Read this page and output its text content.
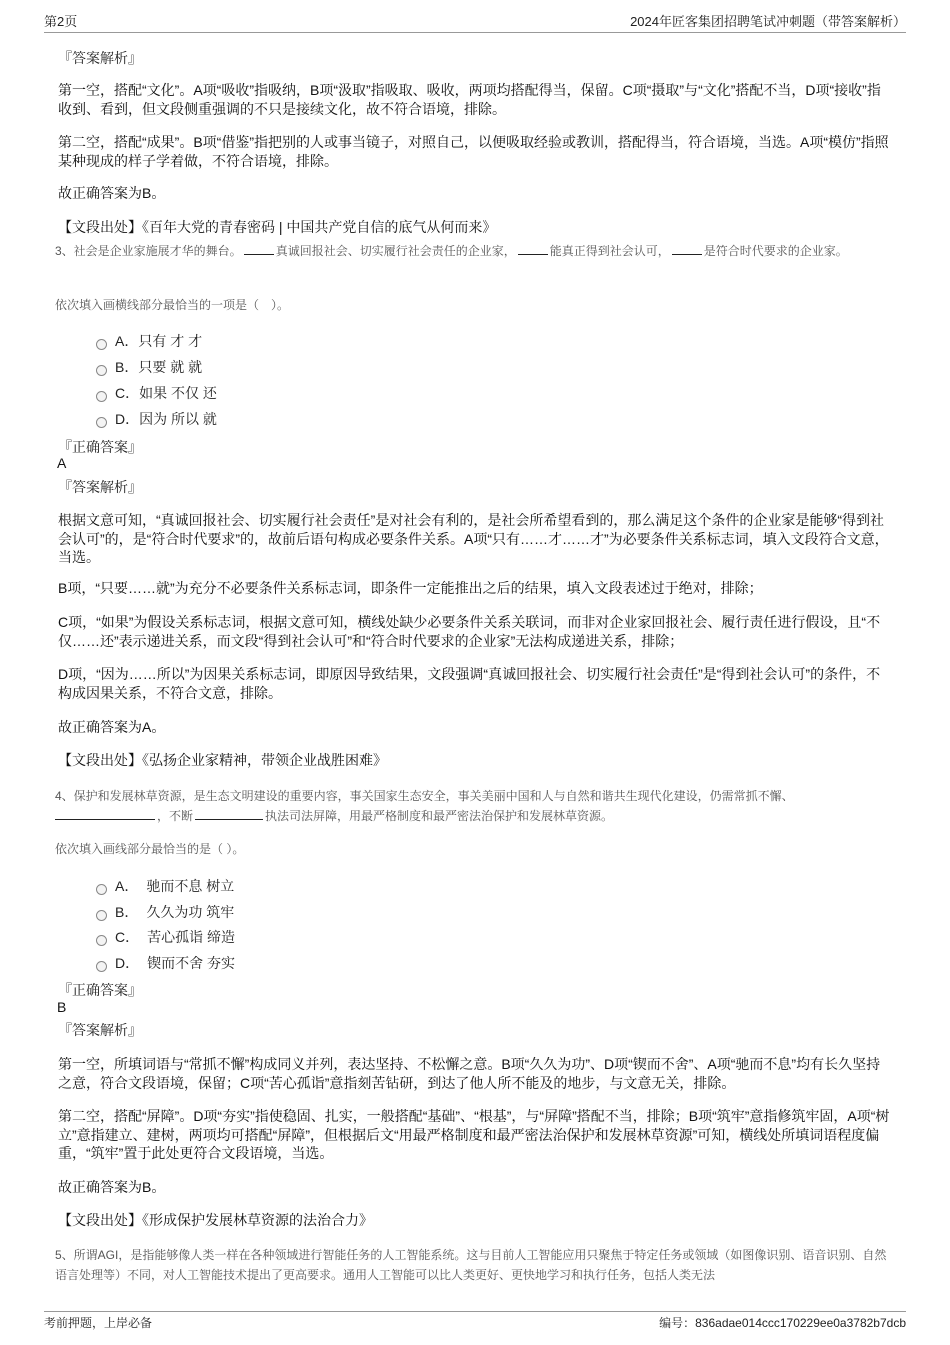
第2页	2024年匠客集团招聘笔试冲刺题（带答案解析）
『答案解析』
第一空，搭配“文化”。A项“吸收”指吸纳，B项“汲取”指吸取、吸收，两项均搭配得当，保留。C项“摄取”与“文化”搭配不当，D项“接收”指收到、看到，但文段侧重强调的不只是接续文化，故不符合语境，排除。
第二空，搭配“成果”。B项“借鉴”指把别的人或事当镜子，对照自己，以便吸取经验或教训，搭配得当，符合语境，当选。A项“模仿”指照某种现成的样子学着做，不符合语境，排除。
故正确答案为B。
【文段出处】《百年大党的青春密码 | 中国共产党自信的底气从何而来》
3、社会是企业家施展才华的舞台。	真诚回报社会、切实履行社会责任的企业家，	能真正得到社会认可，	是符合时代要求的企业家。
依次填入画横线部分最恰当的一项是（　）。
A． 只有 才 才
B． 只要 就 就
C． 如果 不仅 还
D． 因为 所以 就
『正确答案』
A
『答案解析』
根据文意可知，“真诚回报社会、切实履行社会责任”是对社会有利的，是社会所希望看到的，那么满足这个条件的企业家是能够“得到社会认可”的，是“符合时代要求”的，故前后语句构成必要条件关系。A项“只有……才……才”为必要条件关系标志词，填入文段符合文意，当选。
B项，“只要……就”为充分不必要条件关系标志词，即条件一定能推出之后的结果，填入文段表述过于绝对，排除；
C项，“如果”为假设关系标志词，根据文意可知，横线处缺少必要条件关系关联词，而非对企业家回报社会、履行责任进行假设，且“不仅……还”表示递进关系，而文段“得到社会认可”和“符合时代要求的企业家”无法构成递进关系，排除；
D项，“因为……所以”为因果关系标志词，即原因导致结果，文段强调“真诚回报社会、切实履行社会责任”是“得到社会认可”的条件，不构成因果关系，不符合文意，排除。
故正确答案为A。
【文段出处】《弘扬企业家精神，带领企业战胜困难》
4、保护和发展林草资源，是生态文明建设的重要内容，事关国家生态安全，事关美丽中国和人与自然和谐共生现代化建设，仍需常抓不懈、
，不断	执法司法屏障，用最严格制度和最严密法治保护和发展林草资源。
依次填入画线部分最恰当的是（ ）。
A． 驰而不息 树立
B． 久久为功 筑牢
C． 苦心孤诣 缔造
D． 锲而不舍 夯实
『正确答案』
B
『答案解析』
第一空，所填词语与“常抓不懈”构成同义并列，表达坚持、不松懈之意。B项“久久为功”、D项“锲而不舍”、A项“驰而不息”均有长久坚持之意，符合文段语境，保留；C项“苦心孤诣”意指刻苦钻研，到达了他人所不能及的地步，与文意无关，排除。
第二空，搭配“屏障”。D项“夯实”指使稳固、扎实，一般搭配“基础”、“根基”，与“屏障”搭配不当，排除；B项“筑牢”意指修筑牢固，A项“树立”意指建立、建树，两项均可搭配“屏障”，但根据后文“用最严格制度和最严密法治保护和发展林草资源”可知，横线处所填词语程度偏重，“筑牢”置于此处更符合文段语境，当选。
故正确答案为B。
【文段出处】《形成保护发展林草资源的法治合力》
5、所谓AGI，是指能够像人类一样在各种领域进行智能任务的人工智能系统。这与目前人工智能应用只聚焦于特定任务或领域（如图像识别、语音识别、自然语言处理等）不同，对人工智能技术提出了更高要求。通用人工智能可以比人类更好、更快地学习和执行任务，包括人类无法
考前押题，上岸必备	编号：836adae014ccc170229ee0a3782b7dcb
